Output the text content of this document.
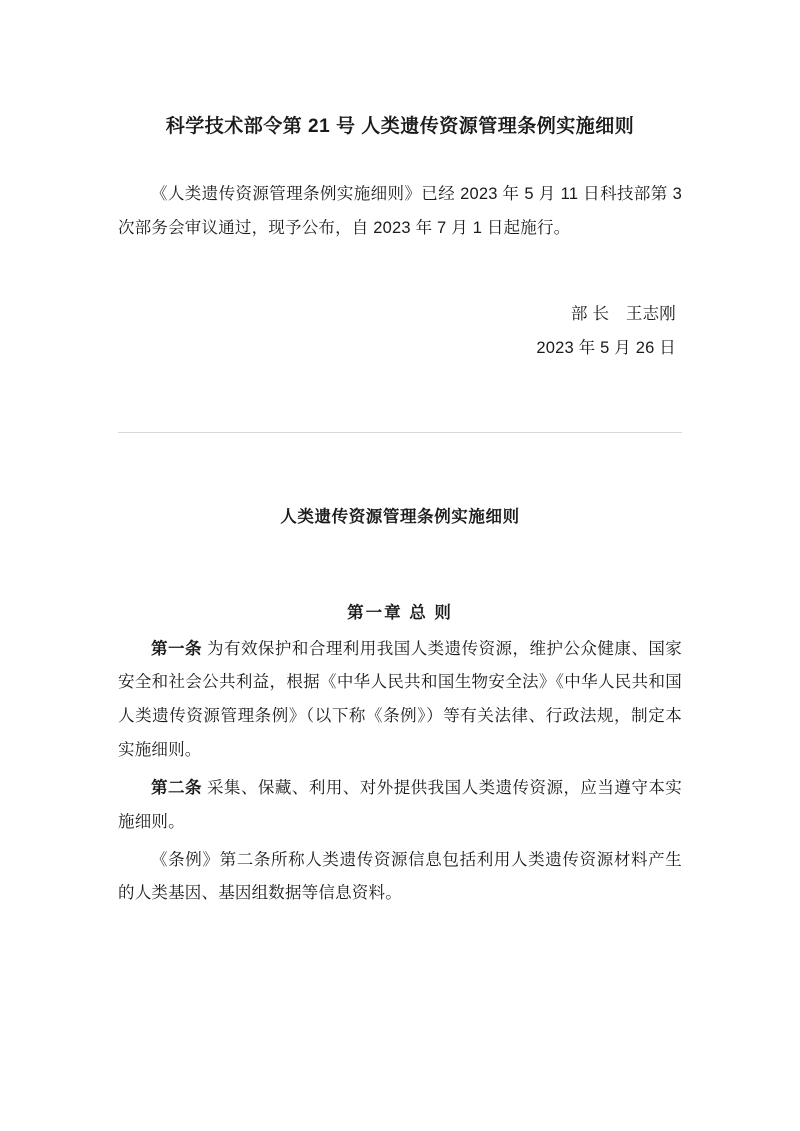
科学技术部令第 21 号 人类遗传资源管理条例实施细则

《人类遗传资源管理条例实施细则》已经 2023 年 5 月 11 日科技部第 3 次部务会审议通过，现予公布，自 2023 年 7 月 1 日起施行。

部 长　王志刚
2023 年 5 月 26 日
人类遗传资源管理条例实施细则
第一章 总 则

第一条 为有效保护和合理利用我国人类遗传资源，维护公众健康、国家安全和社会公共利益，根据《中华人民共和国生物安全法》《中华人民共和国人类遗传资源管理条例》（以下称《条例》）等有关法律、行政法规，制定本实施细则。

第二条 采集、保藏、利用、对外提供我国人类遗传资源，应当遵守本实施细则。

《条例》第二条所称人类遗传资源信息包括利用人类遗传资源材料产生的人类基因、基因组数据等信息资料。
